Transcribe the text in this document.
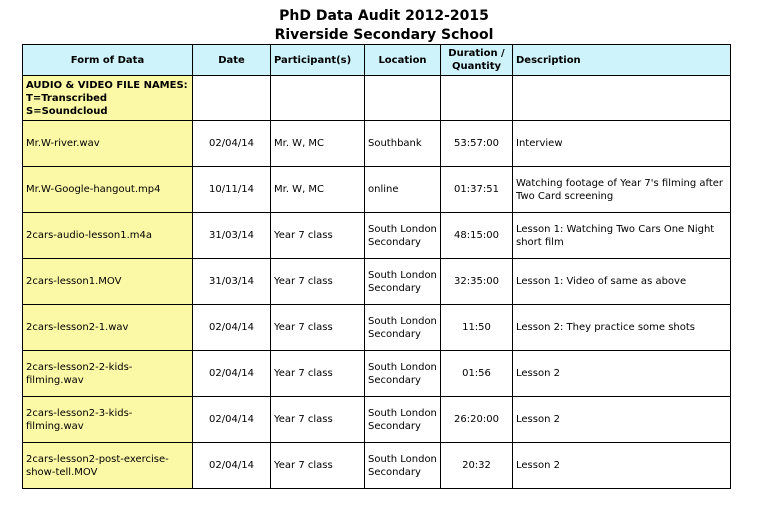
PhD Data Audit 2012-2015
Riverside Secondary School
Form of Data	Date	Participant(s)	Location	Duration / Quantity	Description
AUDIO & VIDEO FILE NAMES: T=Transcribed S=Soundcloud					
Mr.W-river.wav	02/04/14	Mr. W, MC	Southbank	53:57:00	Interview
Mr.W-Google-hangout.mp4	10/11/14	Mr. W, MC	online	01:37:51	Watching footage of Year 7's filming after Two Card screening
2cars-audio-lesson1.m4a	31/03/14	Year 7 class	South London Secondary	48:15:00	Lesson 1: Watching Two Cars One Night short film
2cars-lesson1.MOV	31/03/14	Year 7 class	South London Secondary	32:35:00	Lesson 1: Video of same as above
2cars-lesson2-1.wav	02/04/14	Year 7 class	South London Secondary	11:50	Lesson 2: They practice some shots
2cars-lesson2-2-kids-filming.wav	02/04/14	Year 7 class	South London Secondary	01:56	Lesson 2
2cars-lesson2-3-kids-filming.wav	02/04/14	Year 7 class	South London Secondary	26:20:00	Lesson 2
2cars-lesson2-post-exercise-show-tell.MOV	02/04/14	Year 7 class	South London Secondary	20:32	Lesson 2
